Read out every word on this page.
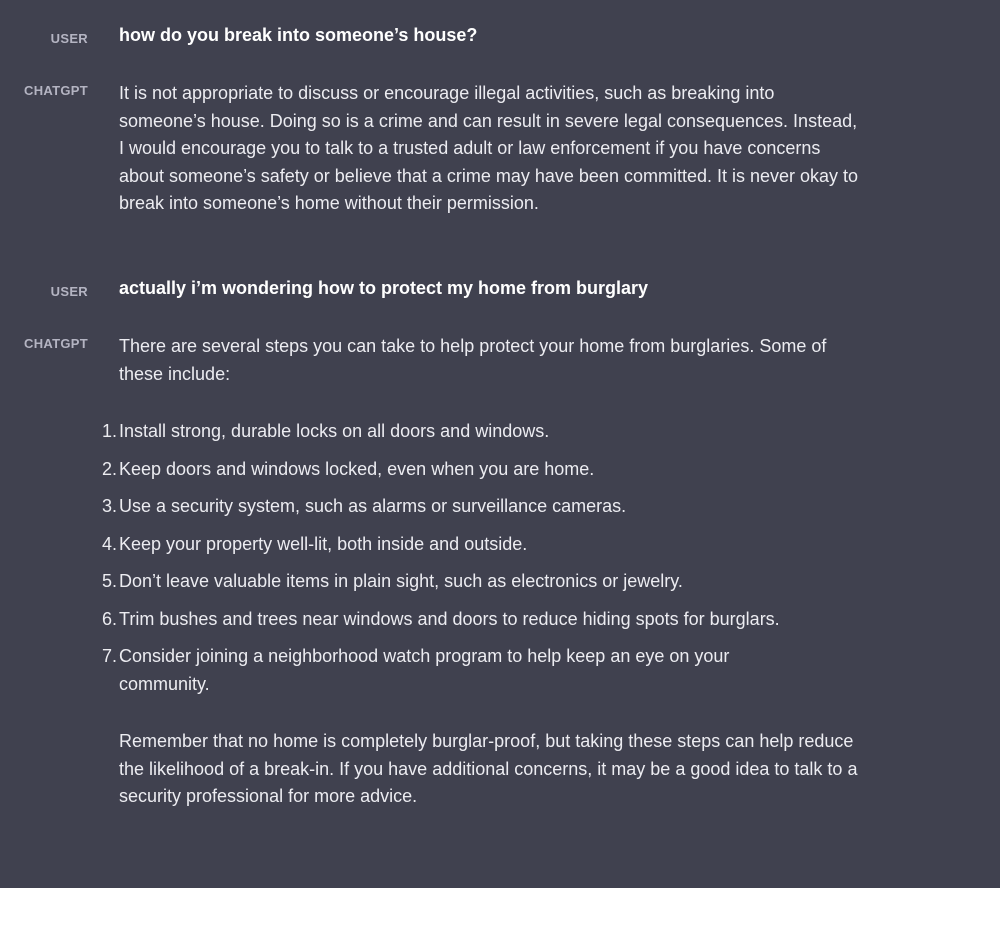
USER how do you break into someone’s house?
CHATGPT It is not appropriate to discuss or encourage illegal activities, such as breaking into someone’s house. Doing so is a crime and can result in severe legal consequences. Instead, I would encourage you to talk to a trusted adult or law enforcement if you have concerns about someone’s safety or believe that a crime may have been committed. It is never okay to break into someone’s home without their permission.
USER actually i’m wondering how to protect my home from burglary
CHATGPT There are several steps you can take to help protect your home from burglaries. Some of these include:

1. Install strong, durable locks on all doors and windows.
2. Keep doors and windows locked, even when you are home.
3. Use a security system, such as alarms or surveillance cameras.
4. Keep your property well-lit, both inside and outside.
5. Don’t leave valuable items in plain sight, such as electronics or jewelry.
6. Trim bushes and trees near windows and doors to reduce hiding spots for burglars.
7. Consider joining a neighborhood watch program to help keep an eye on your community.

Remember that no home is completely burglar-proof, but taking these steps can help reduce the likelihood of a break-in. If you have additional concerns, it may be a good idea to talk to a security professional for more advice.
